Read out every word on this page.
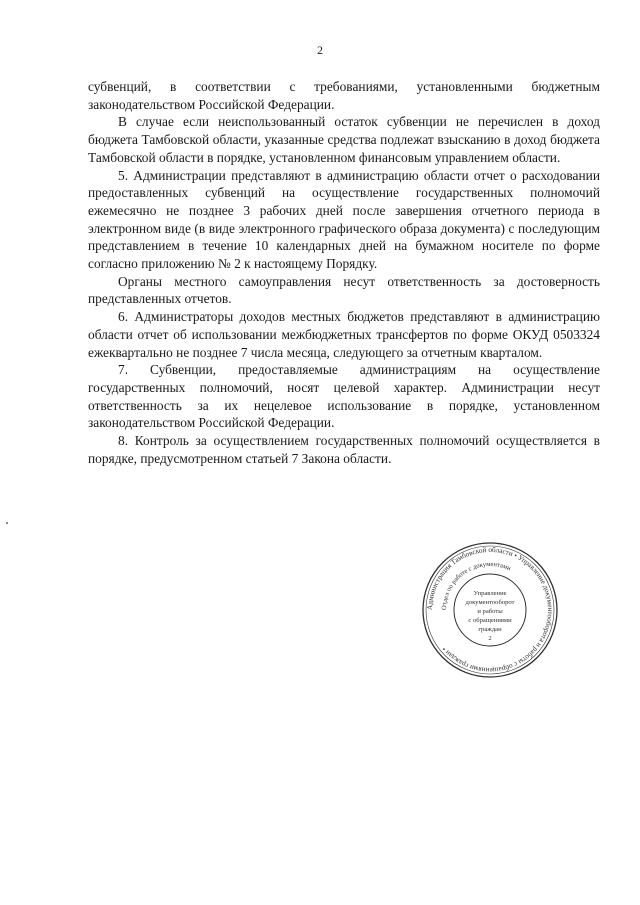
2

субвенций, в соответствии с требованиями, установленными бюджетным законодательством Российской Федерации.

В случае если неиспользованный остаток субвенции не перечислен в доход бюджета Тамбовской области, указанные средства подлежат взысканию в доход бюджета Тамбовской области в порядке, установленном финансовым управлением области.

5. Администрации представляют в администрацию области отчет о расходовании предоставленных субвенций на осуществление государственных полномочий ежемесячно не позднее 3 рабочих дней после завершения отчетного периода в электронном виде (в виде электронного графического образа документа) с последующим представлением в течение 10 календарных дней на бумажном носителе по форме согласно приложению № 2 к настоящему Порядку.

Органы местного самоуправления несут ответственность за достоверность представленных отчетов.

6. Администраторы доходов местных бюджетов представляют в администрацию области отчет об использовании межбюджетных трансфертов по форме ОКУД 0503324 ежеквартально не позднее 7 числа месяца, следующего за отчетным кварталом.

7. Субвенции, предоставляемые администрациям на осуществление государственных полномочий, носят целевой характер. Администрации несут ответственность за их нецелевое использование в порядке, установленном законодательством Российской Федерации.

8. Контроль за осуществлением государственных полномочий осуществляется в порядке, предусмотренном статьей 7 Закона области.

Администрация Тамбовской области • Управление документооборота и работы с обращениями граждан •
Отдел по работе с документами
Управление
документооборот
и работы
с обращениями
граждан
2
